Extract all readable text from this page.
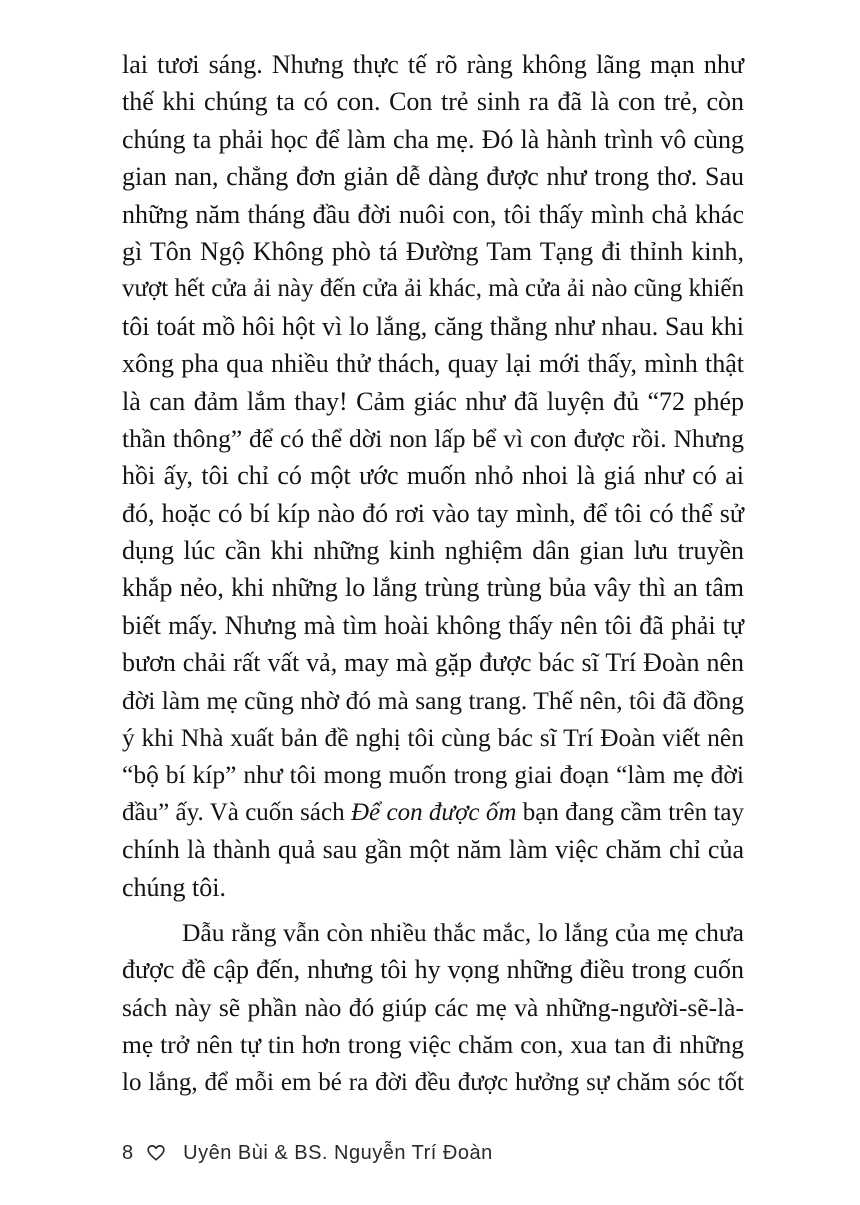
lai tươi sáng. Nhưng thực tế rõ ràng không lãng mạn như
thế khi chúng ta có con. Con trẻ sinh ra đã là con trẻ, còn
chúng ta phải học để làm cha mẹ. Đó là hành trình vô cùng
gian nan, chẳng đơn giản dễ dàng được như trong thơ. Sau
những năm tháng đầu đời nuôi con, tôi thấy mình chả khác
gì Tôn Ngộ Không phò tá Đường Tam Tạng đi thỉnh kinh,
vượt hết cửa ải này đến cửa ải khác, mà cửa ải nào cũng khiến
tôi toát mồ hôi hột vì lo lắng, căng thẳng như nhau. Sau khi
xông pha qua nhiều thử thách, quay lại mới thấy, mình thật
là can đảm lắm thay! Cảm giác như đã luyện đủ “72 phép
thần thông” để có thể dời non lấp bể vì con được rồi. Nhưng
hồi ấy, tôi chỉ có một ước muốn nhỏ nhoi là giá như có ai
đó, hoặc có bí kíp nào đó rơi vào tay mình, để tôi có thể sử
dụng lúc cần khi những kinh nghiệm dân gian lưu truyền
khắp nẻo, khi những lo lắng trùng trùng bủa vây thì an tâm
biết mấy. Nhưng mà tìm hoài không thấy nên tôi đã phải tự
bươn chải rất vất vả, may mà gặp được bác sĩ Trí Đoàn nên
đời làm mẹ cũng nhờ đó mà sang trang. Thế nên, tôi đã đồng
ý khi Nhà xuất bản đề nghị tôi cùng bác sĩ Trí Đoàn viết nên
“bộ bí kíp” như tôi mong muốn trong giai đoạn “làm mẹ đời
đầu” ấy. Và cuốn sách Để con được ốm bạn đang cầm trên tay
chính là thành quả sau gần một năm làm việc chăm chỉ của
chúng tôi.
Dẫu rằng vẫn còn nhiều thắc mắc, lo lắng của mẹ chưa
được đề cập đến, nhưng tôi hy vọng những điều trong cuốn
sách này sẽ phần nào đó giúp các mẹ và những-người-sẽ-là-
mẹ trở nên tự tin hơn trong việc chăm con, xua tan đi những
lo lắng, để mỗi em bé ra đời đều được hưởng sự chăm sóc tốt
8	Uyên Bùi & BS. Nguyễn Trí Đoàn
